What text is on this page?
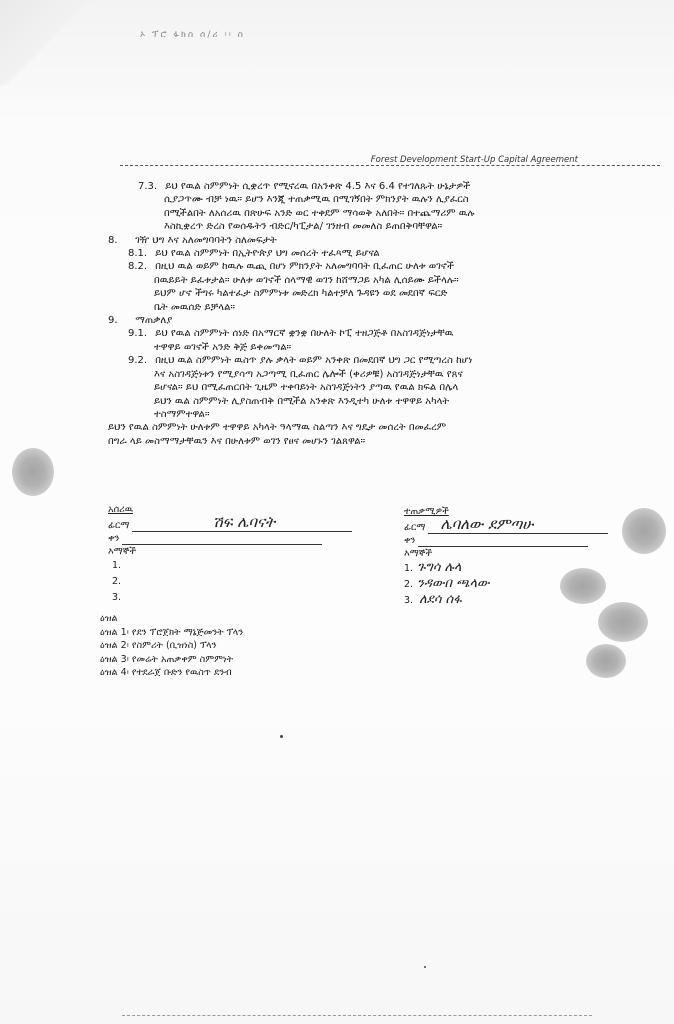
ኦ ፕሮ ፋክስ ሰ/ሪ ፡፡ ስ
Forest Development Start-Up Capital Agreement
7.3. ይህ የዉል ስምምነት ሲቋረጥ የሚኖረዉ በአንቀጽ 4.5 እና 6.4 የተገለጹት ሁኔታዎች
ሲያጋጥሙ ብቻ ነዉ። ይሆን እንጂ ተጠቃሚዉ በሚገኝበት ምክንያት ዉሉን ሊያፈርስ
በሚችልበት ለአሰሪዉ በጽሁፍ አንድ ወር ተቀደም ማሳወቅ አለበት። በተጨማሪም ዉሉ
እስኪቋረጥ ድረስ የወሰዱትን ብድር/ካፒታል/ ገንዘብ መመለስ ይጠበቅባቸዋል።
8. ገዥ ህግ እና አለመግባባትን ስለመፍታት
8.1. ይህ የዉል ስምምነት በኢትዮጵያ ህግ መሰረት ተፈጻሚ ይሆናል
8.2. በዚህ ዉል ወይም ከዉሉ ዉጪ በሆነ ምክንያት አለመግባባት ቢፈጠር ሁለቱ ወገኖች
በዉይይት ይፈቱታል። ሁለቱ ወገኖች ሰላማዊ ወገን ከሸማጋይ አካል ሊሰይሙ ይችላሉ።
ይህም ሆኖ ችግሩ ካልተፈታ ስምምነቱ መድረክ ካልተቻለ ጉዳዩን ወደ መደበኛ ፍርድ
ቤት መዉሰድ ይቻላል።
9. ማጠቃለያ
9.1. ይህ የዉል ስምምነት ሰነድ በአማርኛ ቋንቋ በሁለት ኮፒ ተዘጋጅቶ በአስገዳጅነታቸዉ
ተዋዋይ ወገኖች አንድ ቅጅ ይቀመጣል።
9.2. በዚህ ዉል ስምምነት ዉስጥ ያሉ ቃላት ወይም አንቀጽ በመደበኛ ህግ ጋር የሚጣረስ ከሆነ
እና አስገዳጅነቱን የሚያሳጣ አጋጣሚ ቢፈጠር ሌሎች (ቀሪዎቹ) አስገዳጅነታቸዉ የጸና
ይሆናል። ይህ በሚፈጠርበት ጊዜም ተቀባይነት አስገዳጅነትን ያጣዉ የዉል ክፍል በሌላ
ይህን ዉል ስምምነት ሊያስጠብቅ በሚችል አንቀጽ እንዲተካ ሁለቱ ተዋዋይ አካላት
ተስማምተዋል።
ይህን የዉል ስምምነት ሁለቱም ተዋዋይ አካላት ዓላማዉ ስልጣን እና ግዴታ መሰረት በመፈረም
በግራ ላይ መስማማታቸዉን እና በሁለቱም ወገን የፀና መሆኑን ገልጸዋል።
አሰሪዉ
ፊርማ	ሽፍ ሌባናት
ቀን
እማኞች
1.
2.
3.
ተጠቃሚዎች
ፊርማ ሌባለው ደምጣሁ
ቀን
እማኞች
1. ጉግሳ ሉላ
2. ንዳውበ ጫላው
3. ለደሳ ሰፋ
ዕዝል
ዕዝል 1፡ የደን ፕሮጀክት ማኔጅመንት ፕላን
ዕዝል 2፡ የስምሪት (ቢዝነስ) ፕላን
ዕዝል 3፡ የመሬት አጠቃቀም ስምምነት
ዕዝል 4፡ የተደራጀ ቡድን የዉስጥ ደንብ
